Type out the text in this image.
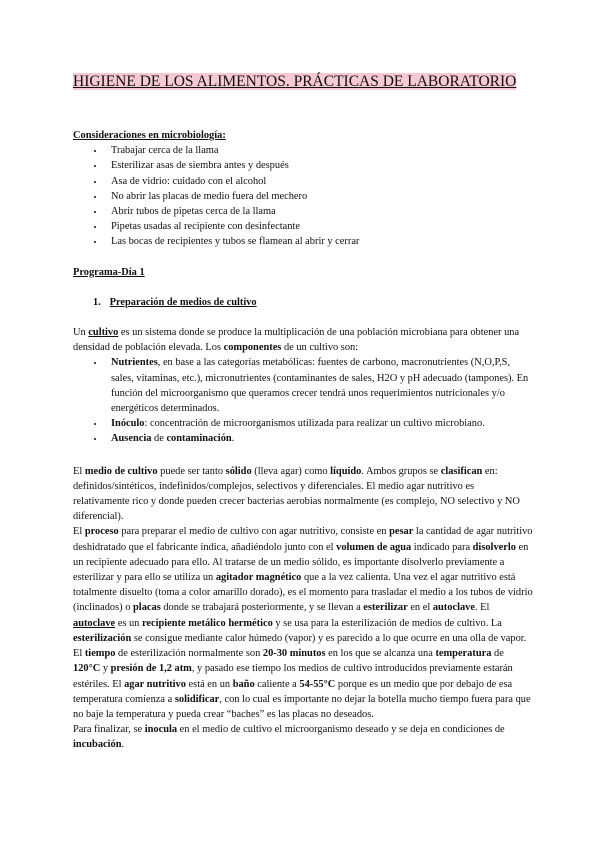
HIGIENE DE LOS ALIMENTOS. PRÁCTICAS DE LABORATORIO

Consideraciones en microbiología:

• Trabajar cerca de la llama
• Esterilizar asas de siembra antes y después
• Asa de vidrio: cuidado con el alcohol
• No abrir las placas de medio fuera del mechero
• Abrir tubos de pipetas cerca de la llama
• Pipetas usadas al recipiente con desinfectante
• Las bocas de recipientes y tubos se flamean al abrir y cerrar

Programa-Día 1

1. Preparación de medios de cultivo

Un cultivo es un sistema donde se produce la multiplicación de una población microbiana para obtener una densidad de población elevada. Los componentes de un cultivo son:

• Nutrientes, en base a las categorías metabólicas: fuentes de carbono, macronutrientes (N,O,P,S, sales, vitaminas, etc.), micronutrientes (contaminantes de sales, H2O y pH adecuado (tampones). En función del microorganismo que queramos crecer tendrá unos requerimientos nutricionales y/o energéticos determinados.
• Inóculo: concentración de microorganismos utilizada para realizar un cultivo microbiano.
• Ausencia de contaminación.

El medio de cultivo puede ser tanto sólido (lleva agar) como líquido. Ambos grupos se clasifican en: definidos/sintéticos, indefinidos/complejos, selectivos y diferenciales. El medio agar nutritivo es relativamente rico y donde pueden crecer bacterias aerobias normalmente (es complejo, NO selectivo y NO diferencial).

El proceso para preparar el medio de cultivo con agar nutritivo, consiste en pesar la cantidad de agar nutritivo deshidratado que el fabricante indica, añadiéndolo junto con el volumen de agua indicado para disolverlo en un recipiente adecuado para ello. Al tratarse de un medio sólido, es importante disolverlo previamente a esterilizar y para ello se utiliza un agitador magnético que a la vez calienta. Una vez el agar nutritivo está totalmente disuelto (toma a color amarillo dorado), es el momento para trasladar el medio a los tubos de vidrio (inclinados) o placas donde se trabajará posteriormente, y se llevan a esterilizar en el autoclave. El autoclave es un recipiente metálico hermético y se usa para la esterilización de medios de cultivo. La esterilización se consigue mediante calor húmedo (vapor) y es parecido a lo que ocurre en una olla de vapor. El tiempo de esterilización normalmente son 20-30 minutos en los que se alcanza una temperatura de 120°C y presión de 1,2 atm, y pasado ese tiempo los medios de cultivo introducidos previamente estarán estériles. El agar nutritivo está en un baño caliente a 54-55°C porque es un medio que por debajo de esa temperatura comienza a solidificar, con lo cual es importante no dejar la botella mucho tiempo fuera para que no baje la temperatura y pueda crear “baches” es las placas no deseados.

Para finalizar, se inocula en el medio de cultivo el microorganismo deseado y se deja en condiciones de incubación.
